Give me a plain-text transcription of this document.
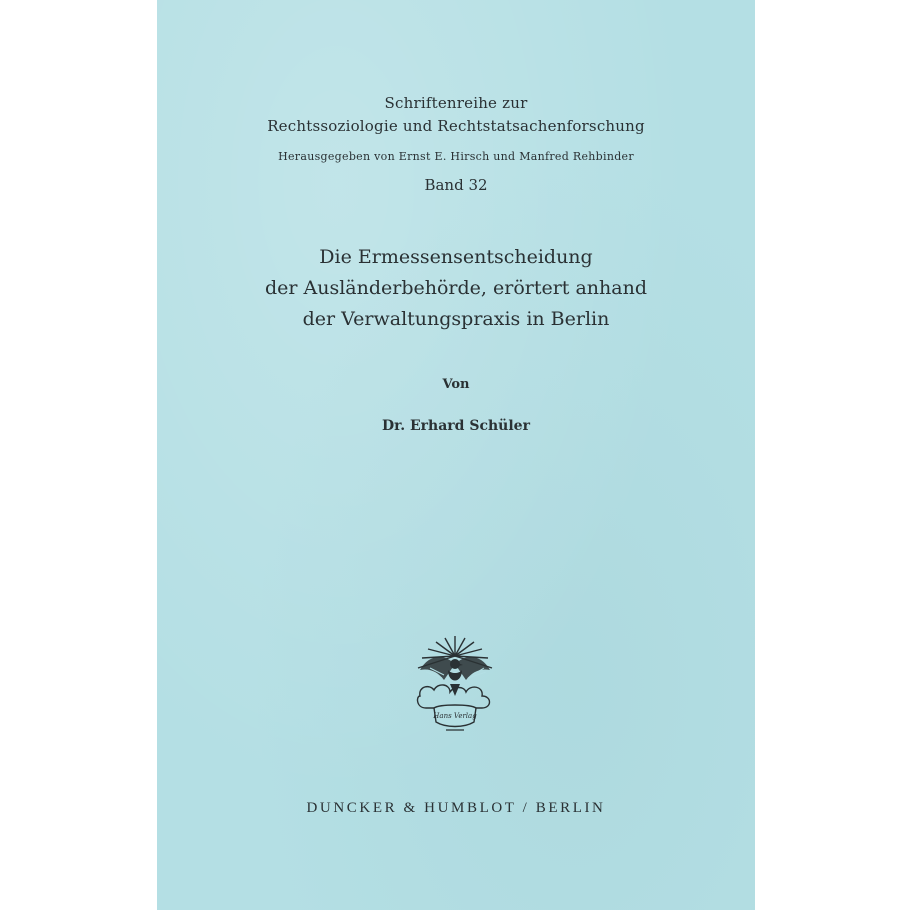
Schriftenreihe zur
Rechtssoziologie und Rechtstatsachenforschung
Herausgegeben von Ernst E. Hirsch und Manfred Rehbinder
Band 32
Die Ermessensentscheidung
der Ausländerbehörde, erörtert anhand
der Verwaltungspraxis in Berlin
Von
Dr. Erhard Schüler
Hans Verlag
DUNCKER & HUMBLOT / BERLIN
